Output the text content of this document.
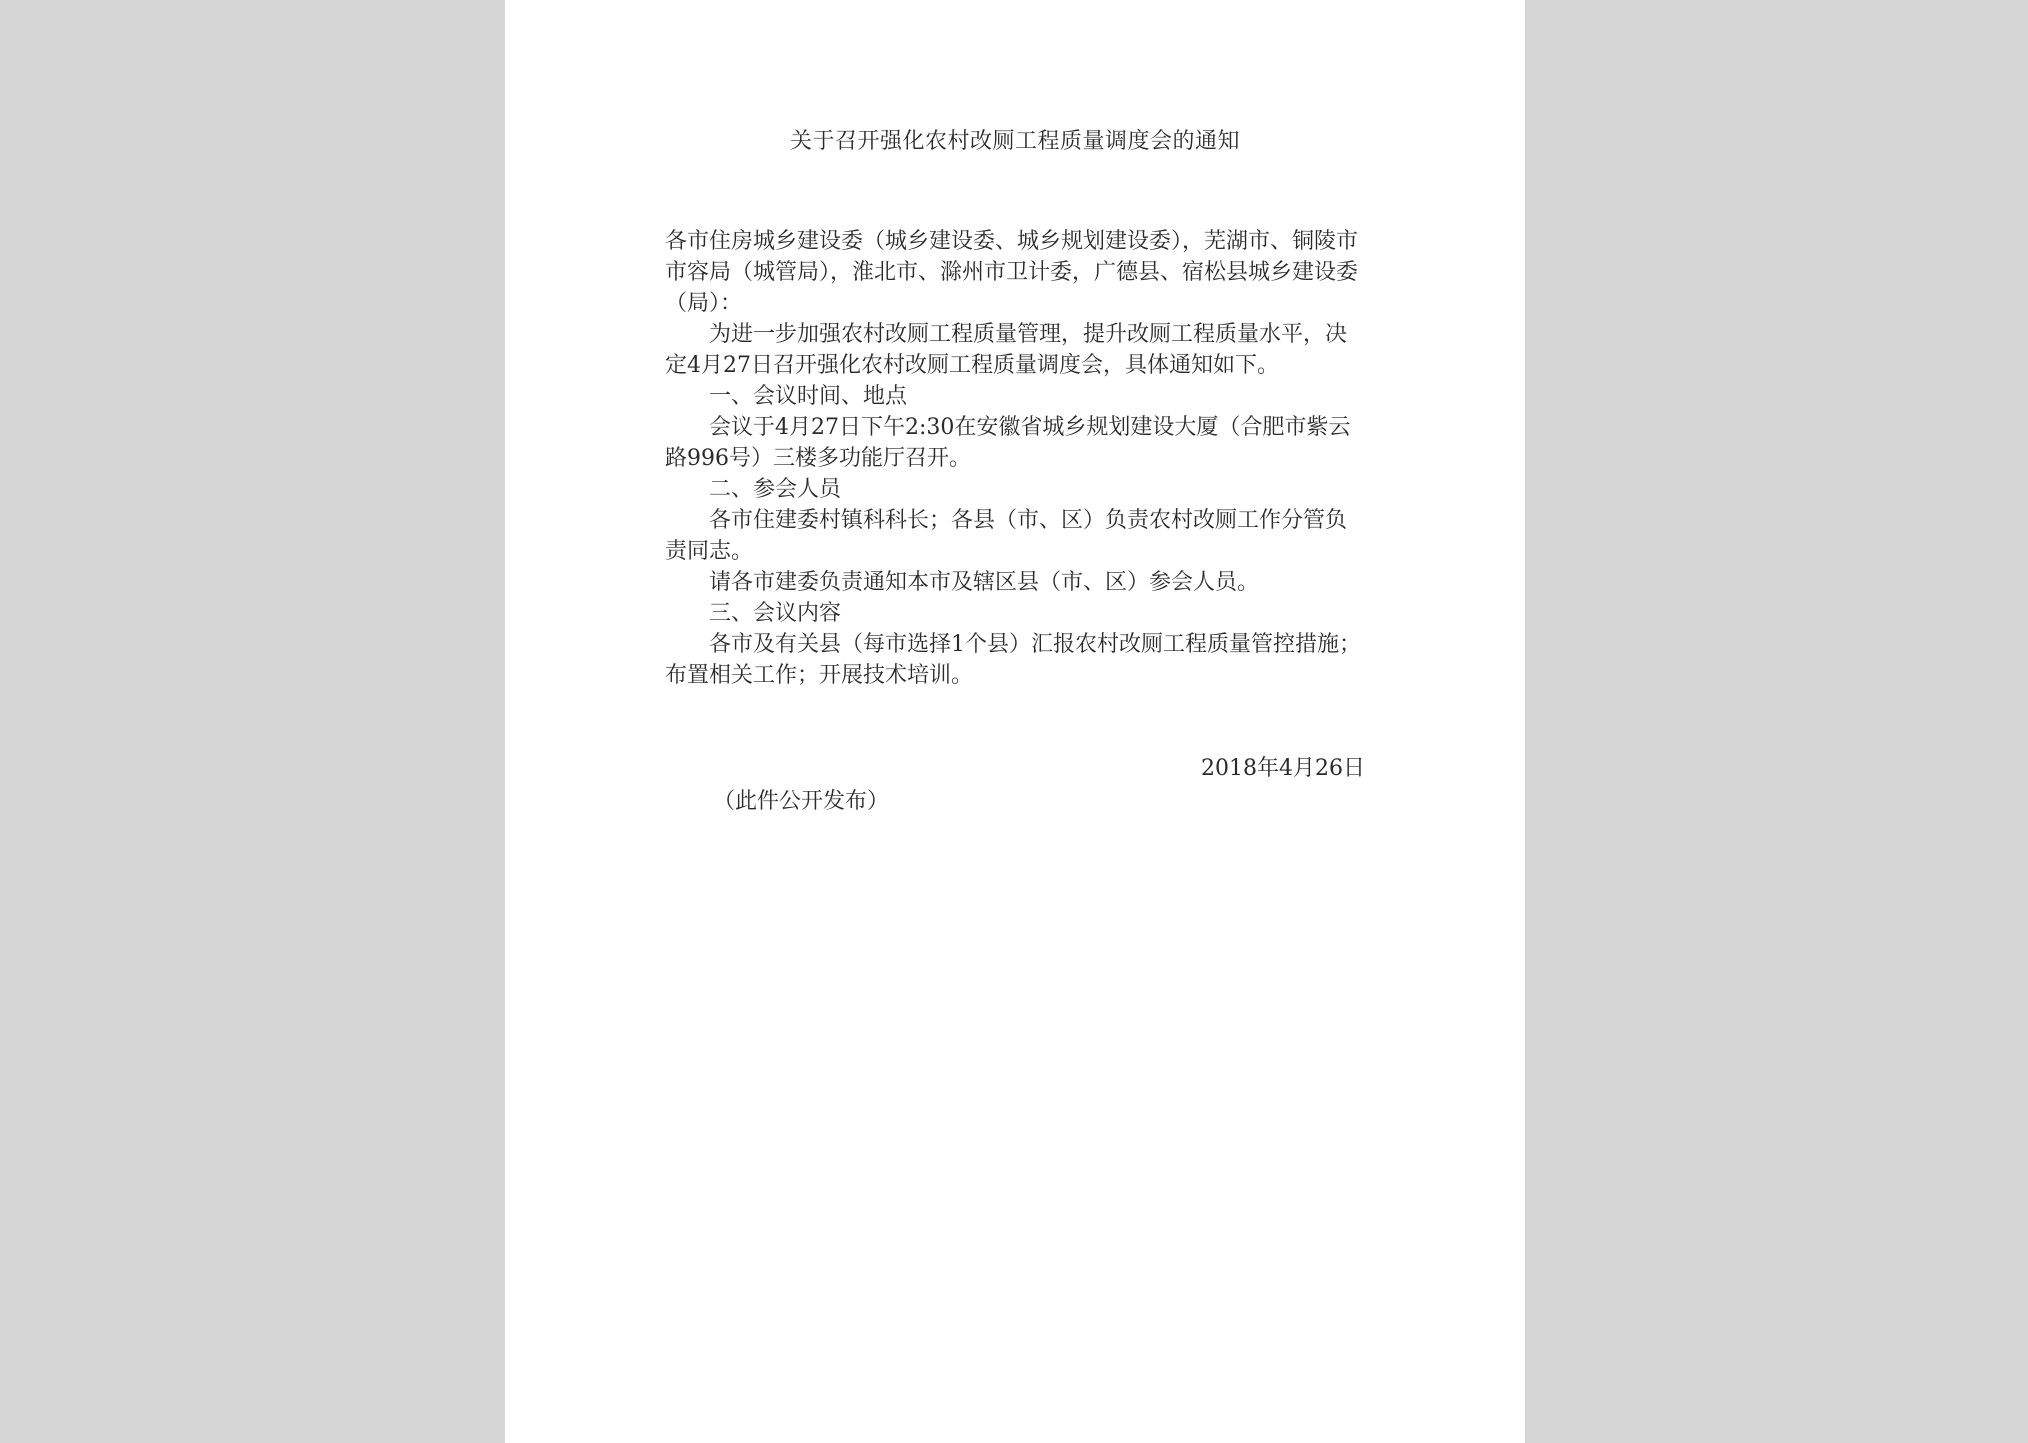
关于召开强化农村改厕工程质量调度会的通知

各市住房城乡建设委（城乡建设委、城乡规划建设委），芜湖市、铜陵市市容局（城管局），淮北市、滁州市卫计委，广德县、宿松县城乡建设委（局）：

为进一步加强农村改厕工程质量管理，提升改厕工程质量水平，决定4月27日召开强化农村改厕工程质量调度会，具体通知如下。

一、会议时间、地点

会议于4月27日下午2:30在安徽省城乡规划建设大厦（合肥市紫云路996号）三楼多功能厅召开。

二、参会人员

各市住建委村镇科科长；各县（市、区）负责农村改厕工作分管负责同志。

请各市建委负责通知本市及辖区县（市、区）参会人员。

三、会议内容

各市及有关县（每市选择1个县）汇报农村改厕工程质量管控措施；布置相关工作；开展技术培训。

2018年4月26日
（此件公开发布）
